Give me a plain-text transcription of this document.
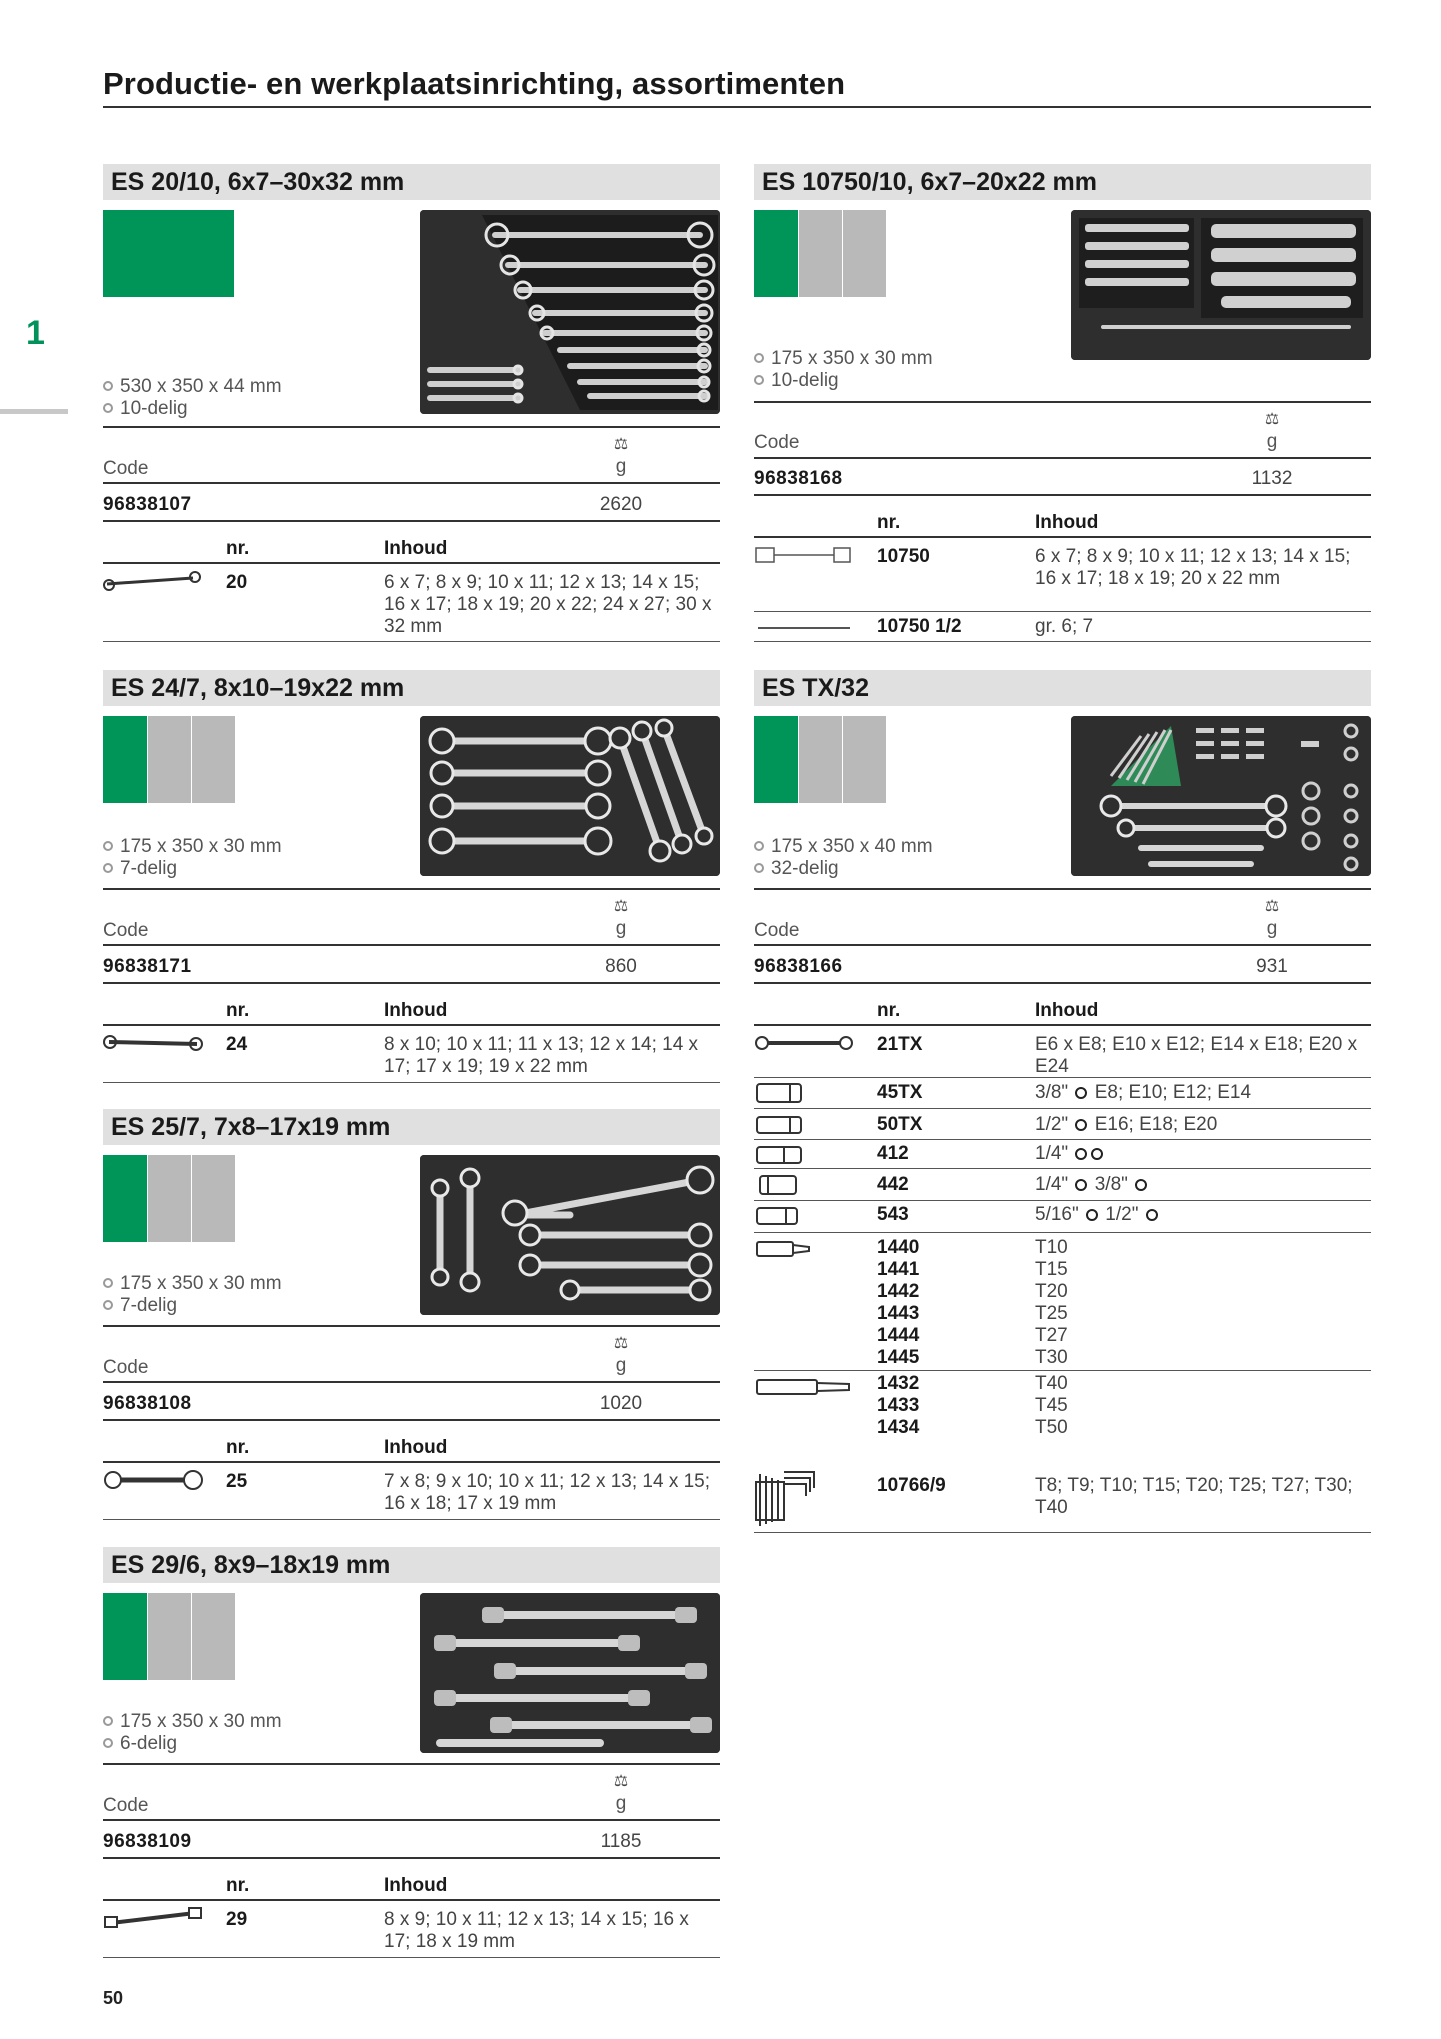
Productie- en werkplaatsinrichting, assortimenten
1
50
ES 20/10, 6x7–30x32 mm
530 x 350 x 44 mm
10-delig
⚖
Code	g
96838107	2620
nr.	Inhoud
20	6 x 7; 8 x 9; 10 x 11; 12 x 13; 14 x 15; 16 x 17; 18 x 19; 20 x 22; 24 x 27; 30 x 32 mm
ES 24/7, 8x10–19x22 mm
175 x 350 x 30 mm
7-delig
⚖
Code	g
96838171	860
nr.	Inhoud
24	8 x 10; 10 x 11; 11 x 13; 12 x 14; 14 x 17; 17 x 19; 19 x 22 mm
ES 25/7, 7x8–17x19 mm
175 x 350 x 30 mm
7-delig
⚖
Code	g
96838108	1020
nr.	Inhoud
25	7 x 8; 9 x 10; 10 x 11; 12 x 13; 14 x 15; 16 x 18; 17 x 19 mm
ES 29/6, 8x9–18x19 mm
175 x 350 x 30 mm
6-delig
⚖
Code	g
96838109	1185
nr.	Inhoud
29	8 x 9; 10 x 11; 12 x 13; 14 x 15; 16 x 17; 18 x 19 mm
ES 10750/10, 6x7–20x22 mm
175 x 350 x 30 mm
10-delig
⚖
Code	g
96838168	1132
nr.	Inhoud
10750	6 x 7; 8 x 9; 10 x 11; 12 x 13; 14 x 15; 16 x 17; 18 x 19; 20 x 22 mm
10750 1/2	gr. 6; 7
ES TX/32
175 x 350 x 40 mm
32-delig
⚖
Code	g
96838166	931
nr.	Inhoud
21TX	E6 x E8; E10 x E12; E14 x E18; E20 x E24
45TX	3/8" E8; E10; E12; E14
50TX	1/2" E16; E18; E20
412	1/4"
442	1/4" 3/8"
543	5/16" 1/2"
1440	T10
1441	T15
1442	T20
1443	T25
1444	T27
1445	T30
1432	T40
1433	T45
1434	T50
10766/9	T8; T9; T10; T15; T20; T25; T27; T30; T40
